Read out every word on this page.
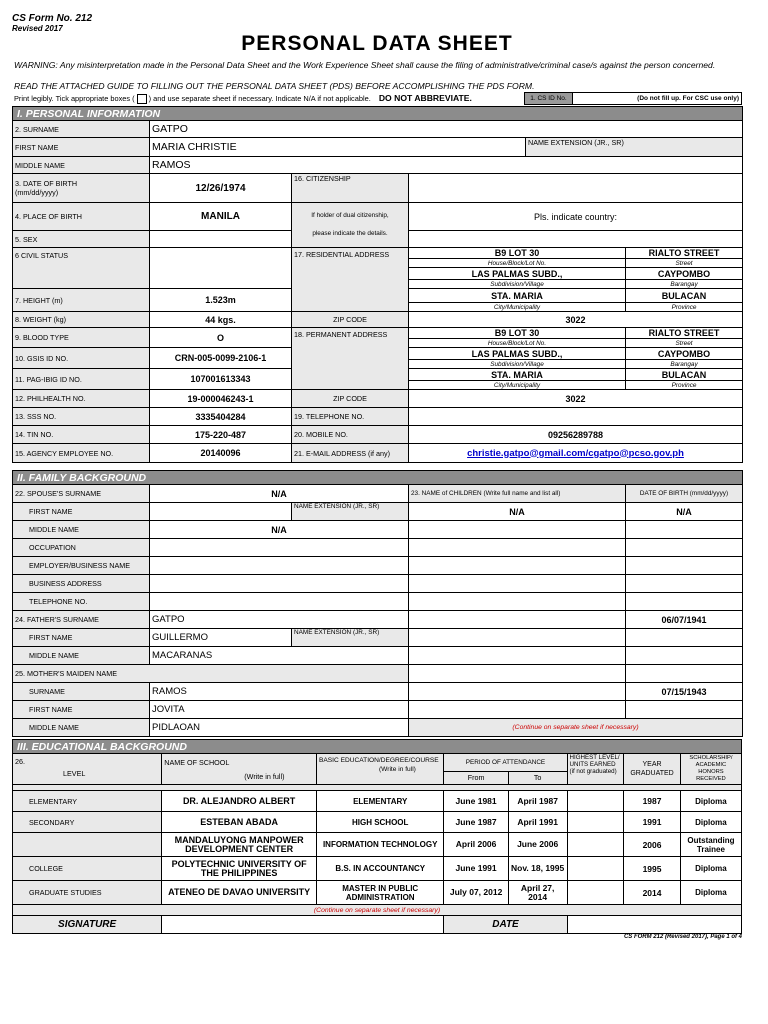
CS Form No. 212
Revised 2017
PERSONAL DATA SHEET
WARNING: Any misinterpretation made in the Personal Data Sheet and the Work Experience Sheet shall cause the filing of administrative/criminal case/s against the person concerned.
READ THE ATTACHED GUIDE TO FILLING OUT THE PERSONAL DATA SHEET (PDS) BEFORE ACCOMPLISHING THE PDS FORM.
Print legibly. Tick appropriate boxes ( ) and use separate sheet if necessary. Indicate N/A if not applicable. DO NOT ABBREVIATE.	1. CS ID No.	(Do not fill up. For CSC use only)
I. PERSONAL INFORMATION					
2. SURNAME	GATPO				
FIRST NAME	MARIA CHRISTIE			NAME EXTENSION (JR., SR)	
MIDDLE NAME	RAMOS				
3. DATE OF BIRTH
(mm/dd/yyyy)	12/26/1974	16. CITIZENSHIP			
4. PLACE OF BIRTH	MANILA	If holder of dual citizenship,
please indicate the details.	Pls. indicate country:		
5. SEX					
6 CIVIL STATUS		17. RESIDENTIAL ADDRESS	B9 LOT 30		RIALTO STREET
			House/Block/Lot No.		Street
			LAS PALMAS SUBD.,		CAYPOMBO
			Subdivision/Village		Barangay
7. HEIGHT (m)	1.523m		STA. MARIA		BULACAN
			City/Municipality		Province
8. WEIGHT (kg)	44 kgs.	ZIP CODE	3022		
9. BLOOD TYPE	O	18. PERMANENT ADDRESS	B9 LOT 30		RIALTO STREET
			House/Block/Lot No.		Street
10. GSIS ID NO.	CRN-005-0099-2106-1		LAS PALMAS SUBD.,		CAYPOMBO
			Subdivision/Village		Barangay
11. PAG-IBIG ID NO.	107001613343		STA. MARIA		BULACAN
			City/Municipality		Province
12. PHILHEALTH NO.	19-000046243-1	ZIP CODE	3022		
13. SSS NO.	3335404284	19. TELEPHONE NO.			
14. TIN NO.	175-220-487	20. MOBILE NO.	09256289788		
15. AGENCY EMPLOYEE NO.	20140096	21. E-MAIL ADDRESS (if any)	christie.gatpo@gmail.com/cgatpo@pcso.gov.ph		
II. FAMILY BACKGROUND				
22. SPOUSE'S SURNAME	N/A		23. NAME of CHILDREN (Write full name and list all)	DATE OF BIRTH (mm/dd/yyyy)
FIRST NAME		NAME EXTENSION (JR., SR)	N/A	N/A
MIDDLE NAME	N/A			
OCCUPATION				
EMPLOYER/BUSINESS NAME				
BUSINESS ADDRESS				
TELEPHONE NO.				
24. FATHER'S SURNAME	GATPO			06/07/1941
FIRST NAME	GUILLERMO	NAME EXTENSION (JR., SR)		
MIDDLE NAME	MACARANAS			
25. MOTHER'S MAIDEN NAME				
SURNAME	RAMOS			07/15/1943
FIRST NAME	JOVITA			
MIDDLE NAME	PIDLAOAN		(Continue on separate sheet if necessary)	
III. EDUCATIONAL BACKGROUND							
26.
LEVEL	NAME OF SCHOOL
(Write in full)	BASIC EDUCATION/DEGREE/COURSE
(Write in full)	PERIOD OF ATTENDANCE		HIGHEST LEVEL/ UNITS EARNED (if not graduated)	YEAR GRADUATED	SCHOLARSHIP/ ACADEMIC HONORS RECEIVED
			From	To			

ELEMENTARY	DR. ALEJANDRO ALBERT	ELEMENTARY	June 1981	April 1987		1987	Diploma
SECONDARY	ESTEBAN ABADA	HIGH SCHOOL	June 1987	April 1991		1991	Diploma
	MANDALUYONG MANPOWER DEVELOPMENT CENTER	INFORMATION TECHNOLOGY	April 2006	June 2006		2006	Outstanding Trainee
COLLEGE	POLYTECHNIC UNIVERSITY OF THE PHILIPPINES	B.S. IN ACCOUNTANCY	June 1991	Nov. 18, 1995		1995	Diploma
GRADUATE STUDIES	ATENEO DE DAVAO UNIVERSITY	MASTER IN PUBLIC ADMINISTRATION	July 07, 2012	April 27, 2014		2014	Diploma
(Continue on separate sheet if necessary)							
SIGNATURE			DATE				
CS FORM 212 (Revised 2017), Page 1 of 4
